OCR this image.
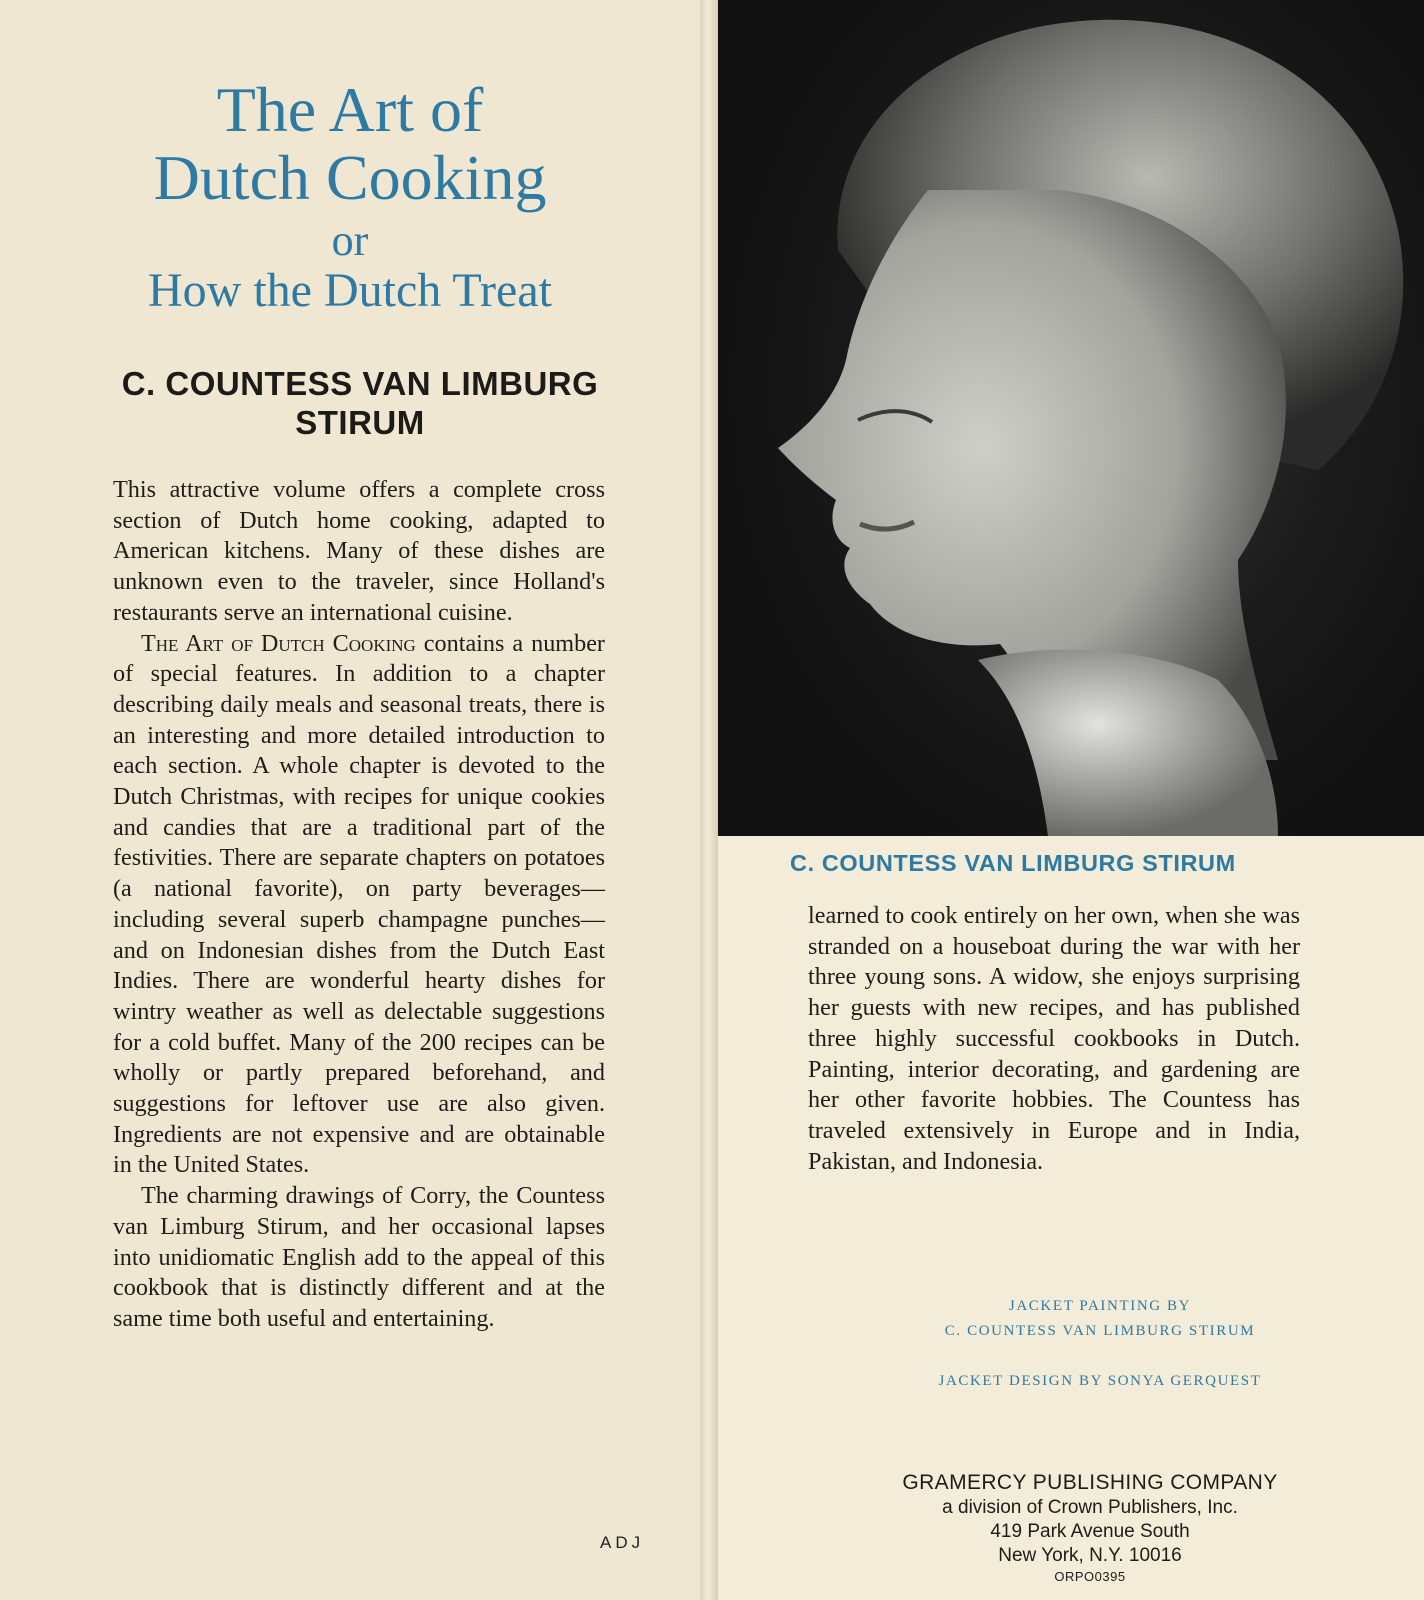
The Art of
Dutch Cooking
or
How the Dutch Treat
C. COUNTESS VAN LIMBURG STIRUM

This attractive volume offers a complete cross section of Dutch home cooking, adapted to American kitchens. Many of these dishes are unknown even to the traveler, since Holland's restaurants serve an international cuisine.

The Art of Dutch Cooking contains a number of special features. In addition to a chapter describing daily meals and seasonal treats, there is an interesting and more detailed introduction to each section. A whole chapter is devoted to the Dutch Christmas, with recipes for unique cookies and candies that are a traditional part of the festivities. There are separate chapters on potatoes (a national favorite), on party beverages—including several superb champagne punches—and on Indonesian dishes from the Dutch East Indies. There are wonderful hearty dishes for wintry weather as well as delectable suggestions for a cold buffet. Many of the 200 recipes can be wholly or partly prepared beforehand, and suggestions for leftover use are also given. Ingredients are not expensive and are obtainable in the United States.

The charming drawings of Corry, the Countess van Limburg Stirum, and her occasional lapses into unidiomatic English add to the appeal of this cookbook that is distinctly different and at the same time both useful and entertaining.

ADJ
C. COUNTESS VAN LIMBURG STIRUM

learned to cook entirely on her own, when she was stranded on a houseboat during the war with her three young sons. A widow, she enjoys surprising her guests with new recipes, and has published three highly successful cookbooks in Dutch. Painting, interior decorating, and gardening are her other favorite hobbies. The Countess has traveled extensively in Europe and in India, Pakistan, and Indonesia.

JACKET PAINTING BY
C. COUNTESS VAN LIMBURG STIRUM
JACKET DESIGN BY SONYA GERQUEST
GRAMERCY PUBLISHING COMPANY
a division of Crown Publishers, Inc.
419 Park Avenue South
New York, N.Y. 10016
ORPO0395
